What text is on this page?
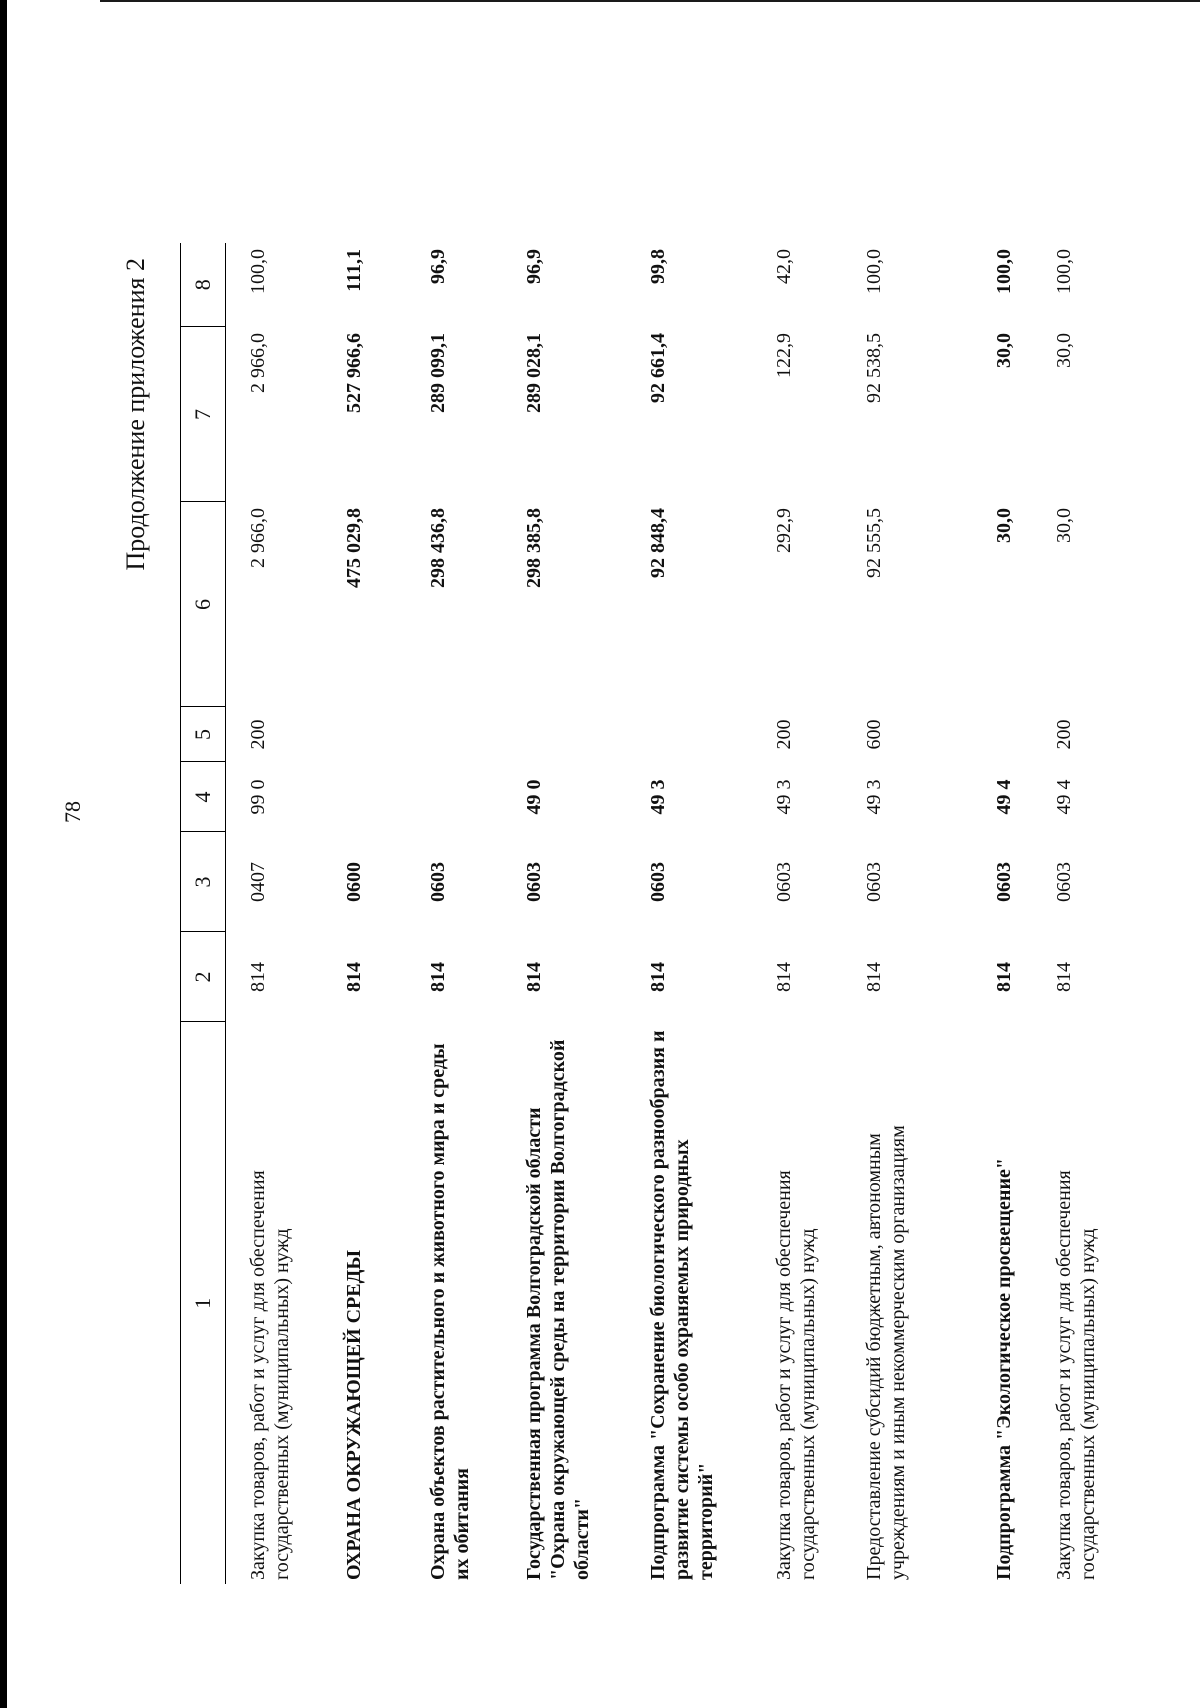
78
Продолжение приложения 2
1	2	3	4	5	6	7	8

Закупка товаров, работ и услуг для обеспечения государственных (муниципальных) нужд	814	0407	99 0	200	2 966,0	2 966,0	100,0
ОХРАНА ОКРУЖАЮЩЕЙ СРЕДЫ	814	0600			475 029,8	527 966,6	111,1
Охрана объектов растительного и животного мира и среды их обитания	814	0603			298 436,8	289 099,1	96,9
Государственная программа Волгоградской области "Охрана окружающей среды на территории Волгоградской области"	814	0603	49 0		298 385,8	289 028,1	96,9
Подпрограмма "Сохранение биологического разнообразия и развитие системы особо охраняемых природных территорий"	814	0603	49 3		92 848,4	92 661,4	99,8
Закупка товаров, работ и услуг для обеспечения государственных (муниципальных) нужд	814	0603	49 3	200	292,9	122,9	42,0
Предоставление субсидий бюджетным, автономным учреждениям и иным некоммерческим организациям	814	0603	49 3	600	92 555,5	92 538,5	100,0
Подпрограмма "Экологическое просвещение"	814	0603	49 4		30,0	30,0	100,0
Закупка товаров, работ и услуг для обеспечения государственных (муниципальных) нужд	814	0603	49 4	200	30,0	30,0	100,0
